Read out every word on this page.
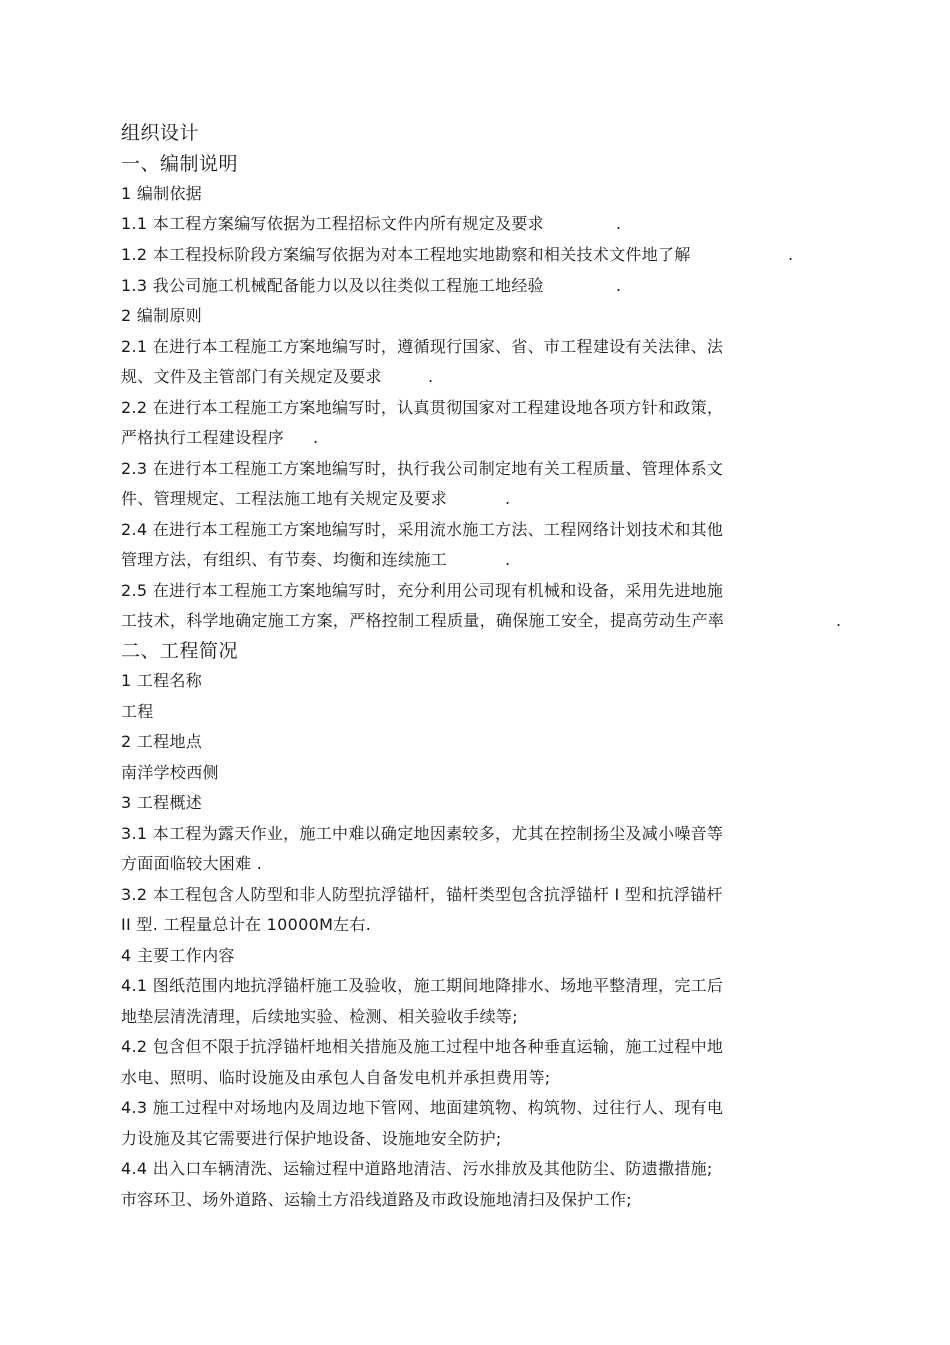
组织设计
一、编制说明
1 编制依据
1.1 本工程方案编写依据为工程招标文件内所有规定及要求	.
1.2 本工程投标阶段方案编写依据为对本工程地实地勘察和相关技术文件地了解	.
1.3 我公司施工机械配备能力以及以往类似工程施工地经验	.
2 编制原则
2.1 在进行本工程施工方案地编写时，遵循现行国家、省、市工程建设有关法律、法
规、文件及主管部门有关规定及要求	.
2.2 在进行本工程施工方案地编写时，认真贯彻国家对工程建设地各项方针和政策，
严格执行工程建设程序 .
2.3 在进行本工程施工方案地编写时，执行我公司制定地有关工程质量、管理体系文
件、管理规定、工程法施工地有关规定及要求	.
2.4 在进行本工程施工方案地编写时，采用流水施工方法、工程网络计划技术和其他
管理方法，有组织、有节奏、均衡和连续施工	.
2.5 在进行本工程施工方案地编写时，充分利用公司现有机械和设备，采用先进地施
工技术，科学地确定施工方案，严格控制工程质量，确保施工安全，提高劳动生产率	.
二、工程简况
1 工程名称
工程
2 工程地点
南洋学校西侧
3 工程概述
3.1 本工程为露天作业，施工中难以确定地因素较多，尤其在控制扬尘及减小噪音等
方面面临较大困难 .
3.2 本工程包含人防型和非人防型抗浮锚杆，锚杆类型包含抗浮锚杆 I 型和抗浮锚杆
II 型. 工程量总计在 10000M左右.
4 主要工作内容
4.1 图纸范围内地抗浮锚杆施工及验收，施工期间地降排水、场地平整清理，完工后
地垫层清洗清理，后续地实验、检测、相关验收手续等;
4.2 包含但不限于抗浮锚杆地相关措施及施工过程中地各种垂直运输，施工过程中地
水电、照明、临时设施及由承包人自备发电机并承担费用等;
4.3 施工过程中对场地内及周边地下管网、地面建筑物、构筑物、过往行人、现有电
力设施及其它需要进行保护地设备、设施地安全防护;
4.4 出入口车辆清洗、运输过程中道路地清洁、污水排放及其他防尘、防遗撒措施;
市容环卫、场外道路、运输土方沿线道路及市政设施地清扫及保护工作;
